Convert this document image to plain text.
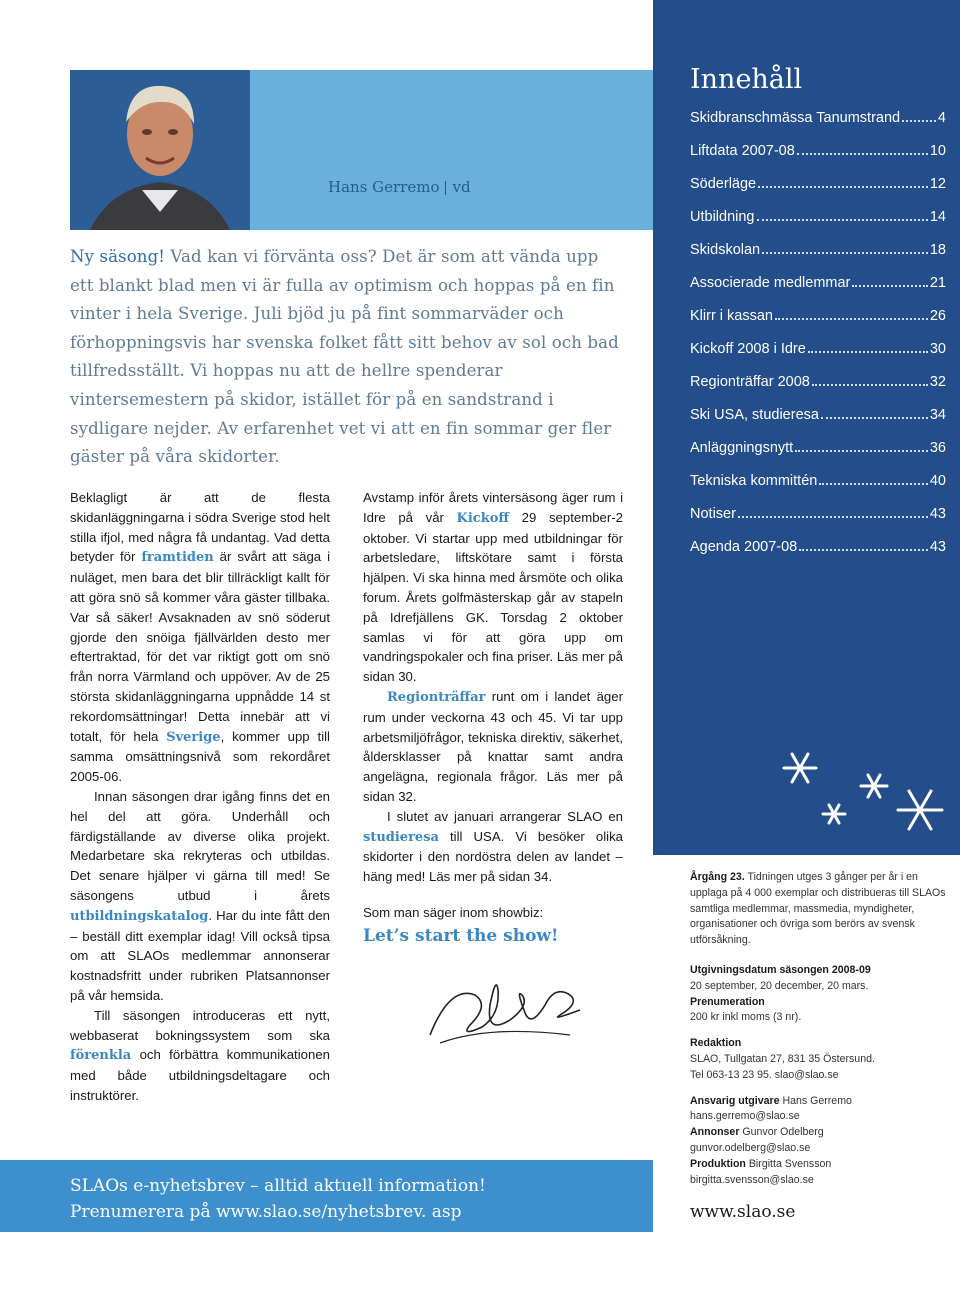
Hans Gerremo vd
Ny säsong! Vad kan vi förvänta oss? Det är som att vända upp ett blankt blad men vi är fulla av optimism och hoppas på en fin vinter i hela Sverige. Juli bjöd ju på fint sommarväder och förhoppningsvis har svenska folket fått sitt behov av sol och bad tillfredsställt. Vi hoppas nu att de hellre spenderar vintersemestern på skidor, istället för på en sandstrand i sydligare nejder. Av erfarenhet vet vi att en fin sommar ger fler gäster på våra skidorter.

Beklagligt är att de flesta skidanläggningarna i södra Sverige stod helt stilla ifjol, med några få undantag. Vad detta betyder för framtiden är svårt att säga i nuläget, men bara det blir tillräckligt kallt för att göra snö så kommer våra gäster tillbaka. Var så säker! Avsaknaden av snö söderut gjorde den snöiga fjällvärlden desto mer eftertraktad, för det var riktigt gott om snö från norra Värmland och uppöver. Av de 25 största skidanläggningarna uppnådde 14 st rekordomsättningar! Detta innebär att vi totalt, för hela Sverige, kommer upp till samma omsättningsnivå som rekordåret 2005-06.

Innan säsongen drar igång finns det en hel del att göra. Underhåll och färdigställande av diverse olika projekt. Medarbetare ska rekryteras och utbildas. Det senare hjälper vi gärna till med! Se säsongens utbud i årets utbildningskatalog. Har du inte fått den – beställ ditt exemplar idag! Vill också tipsa om att SLAOs medlemmar annonserar kostnadsfritt under rubriken Platsannonser på vår hemsida.

Till säsongen introduceras ett nytt, webbaserat bokningssystem som ska förenkla och förbättra kommunikationen med både utbildningsdeltagare och instruktörer.

Avstamp inför årets vintersäsong äger rum i Idre på vår Kickoff 29 september-2 oktober. Vi startar upp med utbildningar för arbetsledare, liftskötare samt i första hjälpen. Vi ska hinna med årsmöte och olika forum. Årets golfmästerskap går av stapeln på Idrefjällens GK. Torsdag 2 oktober samlas vi för att göra upp om vandringspokaler och fina priser. Läs mer på sidan 30.

Regionträffar runt om i landet äger rum under veckorna 43 och 45. Vi tar upp arbetsmiljöfrågor, tekniska direktiv, säkerhet, åldersklasser på knattar samt andra angelägna, regionala frågor. Läs mer på sidan 32.

I slutet av januari arrangerar SLAO en studieresa till USA. Vi besöker olika skidorter i den nordöstra delen av landet – häng med! Läs mer på sidan 34.

Som man säger inom showbiz:

Let’s start the show!

SLAOs e-nyhetsbrev – alltid aktuell information!
Prenumerera på www.slao.se/nyhetsbrev. asp
Innehåll
Skidbranschmässa Tanumstrand	4
Liftdata 2007-08	10
Söderläge	12
Utbildning	14
Skidskolan	18
Associerade medlemmar	21
Klirr i kassan	26
Kickoff 2008 i Idre	30
Regionträffar 2008	32
Ski USA, studieresa	34
Anläggningsnytt	36
Tekniska kommittén	40
Notiser	43
Agenda 2007-08	43
Årgång 23. Tidningen utges 3 gånger per år i en upplaga på 4 000 exemplar och distribueras till SLAOs samtliga medlemmar, massmedia, myndigheter, organisationer och övriga som berörs av svensk utförsåkning.
Utgivningsdatum säsongen 2008-09
20 september, 20 december, 20 mars.
Prenumeration
200 kr inkl moms (3 nr).
Redaktion
SLAO, Tullgatan 27, 831 35 Östersund.
Tel 063-13 23 95. slao@slao.se
Ansvarig utgivare Hans Gerremo
hans.gerremo@slao.se
Annonser Gunvor Odelberg
gunvor.odelberg@slao.se
Produktion Birgitta Svensson
birgitta.svensson@slao.se
www.slao.se
